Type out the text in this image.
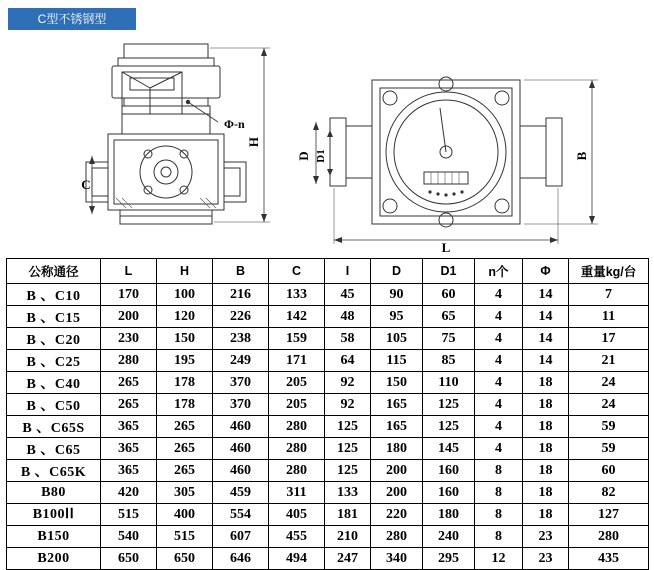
C型不锈钢型
H
C
Φ-n
D D1	B
L
公称通径	L	H	B	C	I	D	D1	n个	Φ	重量kg/台
B 、C10	170	100	216	133	45	90	60	4	14	7
B 、C15	200	120	226	142	48	95	65	4	14	11
B 、C20	230	150	238	159	58	105	75	4	14	17
B 、C25	280	195	249	171	64	115	85	4	14	21
B 、C40	265	178	370	205	92	150	110	4	18	24
B 、C50	265	178	370	205	92	165	125	4	18	24
B 、C65S	365	265	460	280	125	165	125	4	18	59
B 、C65	365	265	460	280	125	180	145	4	18	59
B 、C65K	365	265	460	280	125	200	160	8	18	60
B80	420	305	459	311	133	200	160	8	18	82
B100ⅠⅠ	515	400	554	405	181	220	180	8	18	127
B150	540	515	607	455	210	280	240	8	23	280
B200	650	650	646	494	247	340	295	12	23	435
